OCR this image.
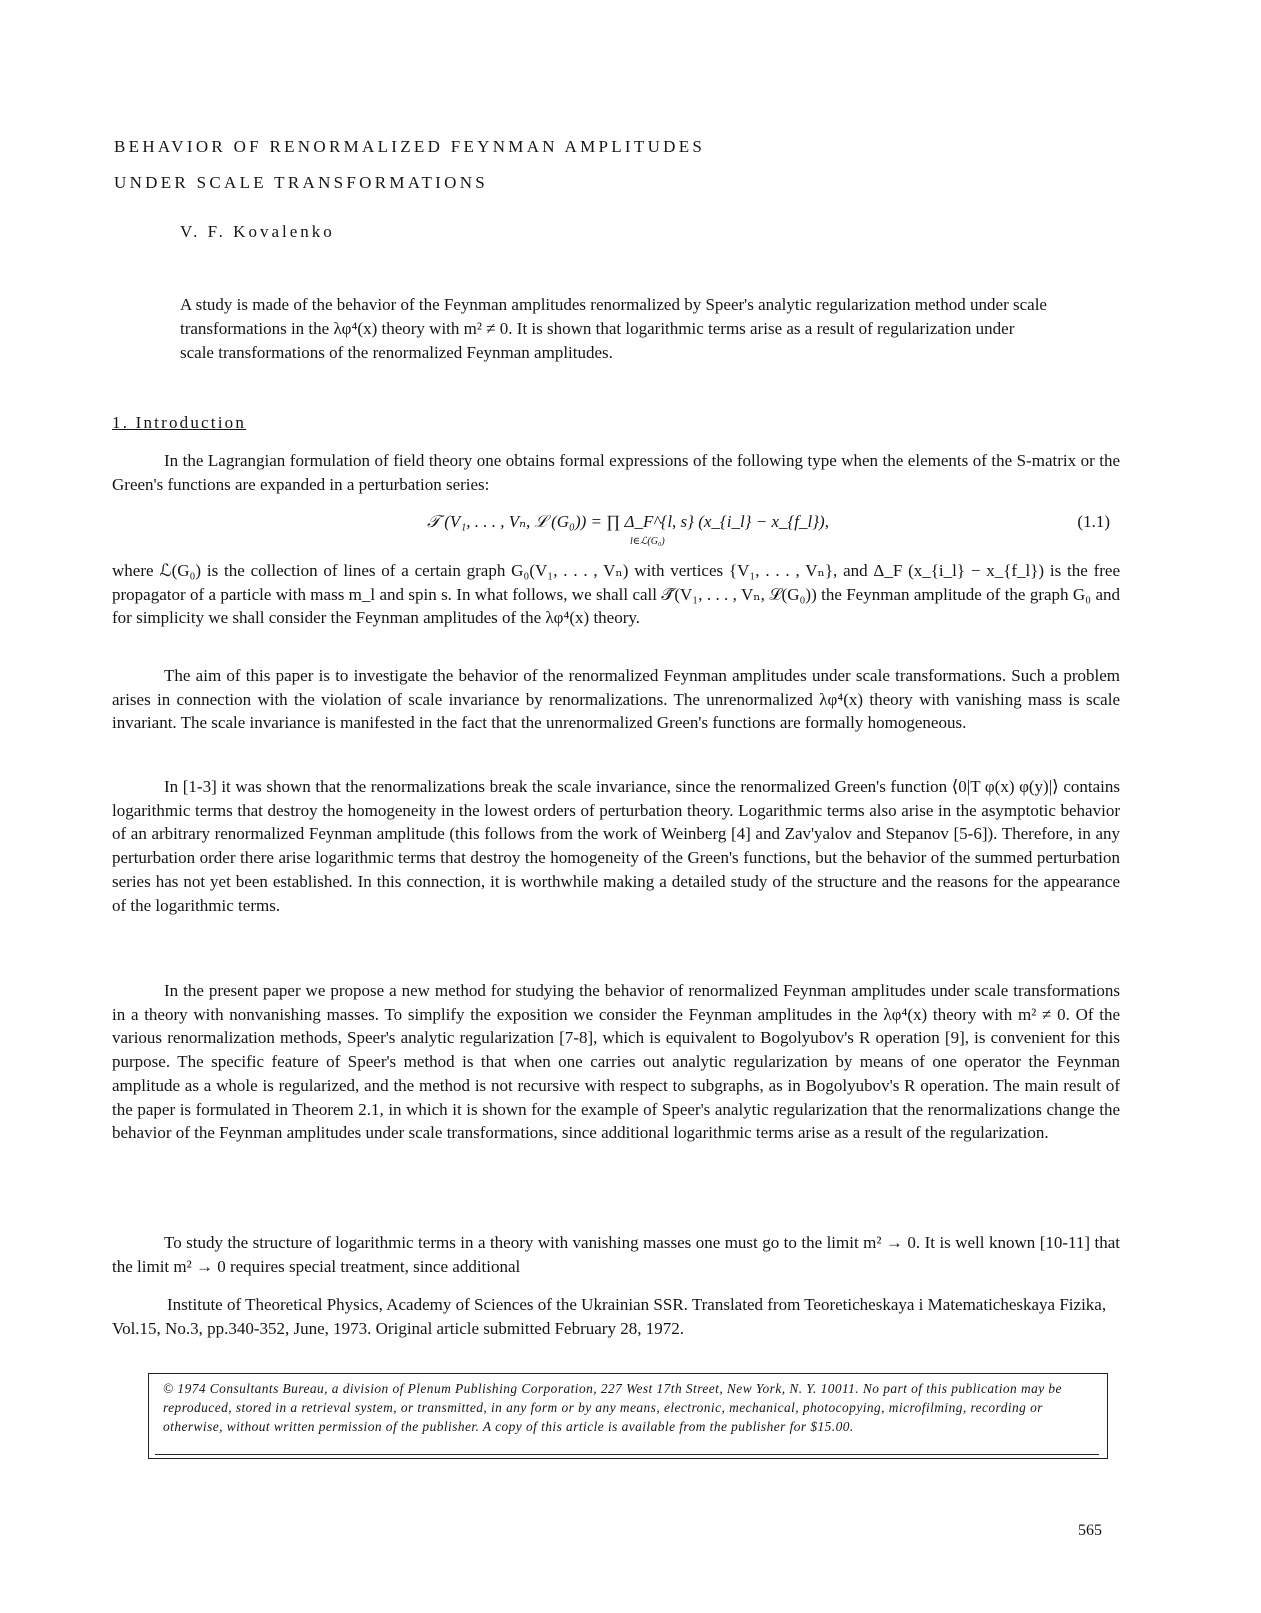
BEHAVIOR OF RENORMALIZED FEYNMAN AMPLITUDES
UNDER SCALE TRANSFORMATIONS
V. F. Kovalenko
A study is made of the behavior of the Feynman amplitudes renormalized by Speer's analytic regularization method under scale transformations in the λφ⁴(x) theory with m² ≠ 0. It is shown that logarithmic terms arise as a result of regularization under scale transformations of the renormalized Feynman amplitudes.
1. Introduction
In the Lagrangian formulation of field theory one obtains formal expressions of the following type when the elements of the S-matrix or the Green's functions are expanded in a perturbation series:
𝒯 (V₁, . . . , Vₙ, ℒ (G₀)) = ∏ Δ_F^{l, s} (x_{i_l} − x_{f_l}),
l∈ℒ(G₀)
(1.1)
where ℒ(G₀) is the collection of lines of a certain graph G₀(V₁, . . . , Vₙ) with vertices {V₁, . . . , Vₙ}, and Δ_F (x_{i_l} − x_{f_l}) is the free propagator of a particle with mass m_l and spin s. In what follows, we shall call 𝒯̃(V₁, . . . , Vₙ, ℒ(G₀)) the Feynman amplitude of the graph G₀ and for simplicity we shall consider the Feynman amplitudes of the λφ⁴(x) theory.
The aim of this paper is to investigate the behavior of the renormalized Feynman amplitudes under scale transformations. Such a problem arises in connection with the violation of scale invariance by renormalizations. The unrenormalized λφ⁴(x) theory with vanishing mass is scale invariant. The scale invariance is manifested in the fact that the unrenormalized Green's functions are formally homogeneous.
In [1-3] it was shown that the renormalizations break the scale invariance, since the renormalized Green's function ⟨0|T φ(x) φ(y)|⟩ contains logarithmic terms that destroy the homogeneity in the lowest orders of perturbation theory. Logarithmic terms also arise in the asymptotic behavior of an arbitrary renormalized Feynman amplitude (this follows from the work of Weinberg [4] and Zav'yalov and Stepanov [5-6]). Therefore, in any perturbation order there arise logarithmic terms that destroy the homogeneity of the Green's functions, but the behavior of the summed perturbation series has not yet been established. In this connection, it is worthwhile making a detailed study of the structure and the reasons for the appearance of the logarithmic terms.
In the present paper we propose a new method for studying the behavior of renormalized Feynman amplitudes under scale transformations in a theory with nonvanishing masses. To simplify the exposition we consider the Feynman amplitudes in the λφ⁴(x) theory with m² ≠ 0. Of the various renormalization methods, Speer's analytic regularization [7-8], which is equivalent to Bogolyubov's R operation [9], is convenient for this purpose. The specific feature of Speer's method is that when one carries out analytic regularization by means of one operator the Feynman amplitude as a whole is regularized, and the method is not recursive with respect to subgraphs, as in Bogolyubov's R operation. The main result of the paper is formulated in Theorem 2.1, in which it is shown for the example of Speer's analytic regularization that the renormalizations change the behavior of the Feynman amplitudes under scale transformations, since additional logarithmic terms arise as a result of the regularization.
To study the structure of logarithmic terms in a theory with vanishing masses one must go to the limit m² → 0. It is well known [10-11] that the limit m² → 0 requires special treatment, since additional
Institute of Theoretical Physics, Academy of Sciences of the Ukrainian SSR. Translated from Teoreticheskaya i Matematicheskaya Fizika, Vol.15, No.3, pp.340-352, June, 1973. Original article submitted February 28, 1972.
© 1974 Consultants Bureau, a division of Plenum Publishing Corporation, 227 West 17th Street, New York, N. Y. 10011. No part of this publication may be reproduced, stored in a retrieval system, or transmitted, in any form or by any means, electronic, mechanical, photocopying, microfilming, recording or otherwise, without written permission of the publisher. A copy of this article is available from the publisher for $15.00.
565
